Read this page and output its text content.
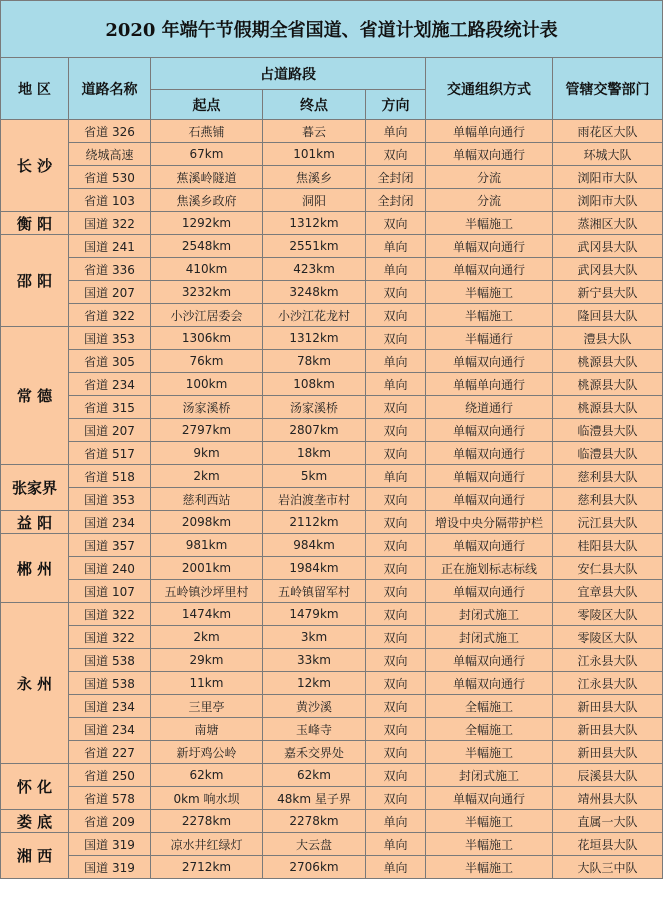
2020 年端午节假期全省国道、省道计划施工路段统计表						
地 区	道路名称	占道路段			交通组织方式	管辖交警部门
		起点	终点	方向		
长 沙	省道 326	石燕铺	暮云	单向	单幅单向通行	雨花区大队
	绕城高速	67km	101km	双向	单幅双向通行	环城大队
	省道 530	蕉溪岭隧道	焦溪乡	全封闭	分流	浏阳市大队
	省道 103	焦溪乡政府	洞阳	全封闭	分流	浏阳市大队
衡 阳	国道 322	1292km	1312km	双向	半幅施工	蒸湘区大队
邵 阳	国道 241	2548km	2551km	单向	单幅双向通行	武冈县大队
	省道 336	410km	423km	单向	单幅双向通行	武冈县大队
	国道 207	3232km	3248km	双向	半幅施工	新宁县大队
	省道 322	小沙江居委会	小沙江花龙村	双向	半幅施工	隆回县大队
常 德	国道 353	1306km	1312km	双向	半幅通行	澧县大队
	省道 305	76km	78km	单向	单幅双向通行	桃源县大队
	省道 234	100km	108km	单向	单幅单向通行	桃源县大队
	省道 315	汤家溪桥	汤家溪桥	双向	绕道通行	桃源县大队
	国道 207	2797km	2807km	双向	单幅双向通行	临澧县大队
	省道 517	9km	18km	双向	单幅双向通行	临澧县大队
张家界	省道 518	2km	5km	单向	单幅双向通行	慈利县大队
	国道 353	慈利西站	岩泊渡垄市村	双向	单幅双向通行	慈利县大队
益 阳	国道 234	2098km	2112km	双向	增设中央分隔带护栏	沅江县大队
郴 州	国道 357	981km	984km	双向	单幅双向通行	桂阳县大队
	国道 240	2001km	1984km	双向	正在施划标志标线	安仁县大队
	国道 107	五岭镇沙坪里村	五岭镇留军村	双向	单幅双向通行	宜章县大队
永 州	国道 322	1474km	1479km	双向	封闭式施工	零陵区大队
	国道 322	2km	3km	双向	封闭式施工	零陵区大队
	国道 538	29km	33km	双向	单幅双向通行	江永县大队
	国道 538	11km	12km	双向	单幅双向通行	江永县大队
	国道 234	三里亭	黄沙溪	双向	全幅施工	新田县大队
	国道 234	南塘	玉峰寺	双向	全幅施工	新田县大队
	省道 227	新圩鸡公岭	嘉禾交界处	双向	半幅施工	新田县大队
怀 化	省道 250	62km	62km	双向	封闭式施工	辰溪县大队
	省道 578	0km 响水坝	48km 星子界	双向	单幅双向通行	靖州县大队
娄 底	省道 209	2278km	2278km	单向	半幅施工	直属一大队
湘 西	国道 319	凉水井红绿灯	大云盘	单向	半幅施工	花垣县大队
	国道 319	2712km	2706km	单向	半幅施工	大队三中队
